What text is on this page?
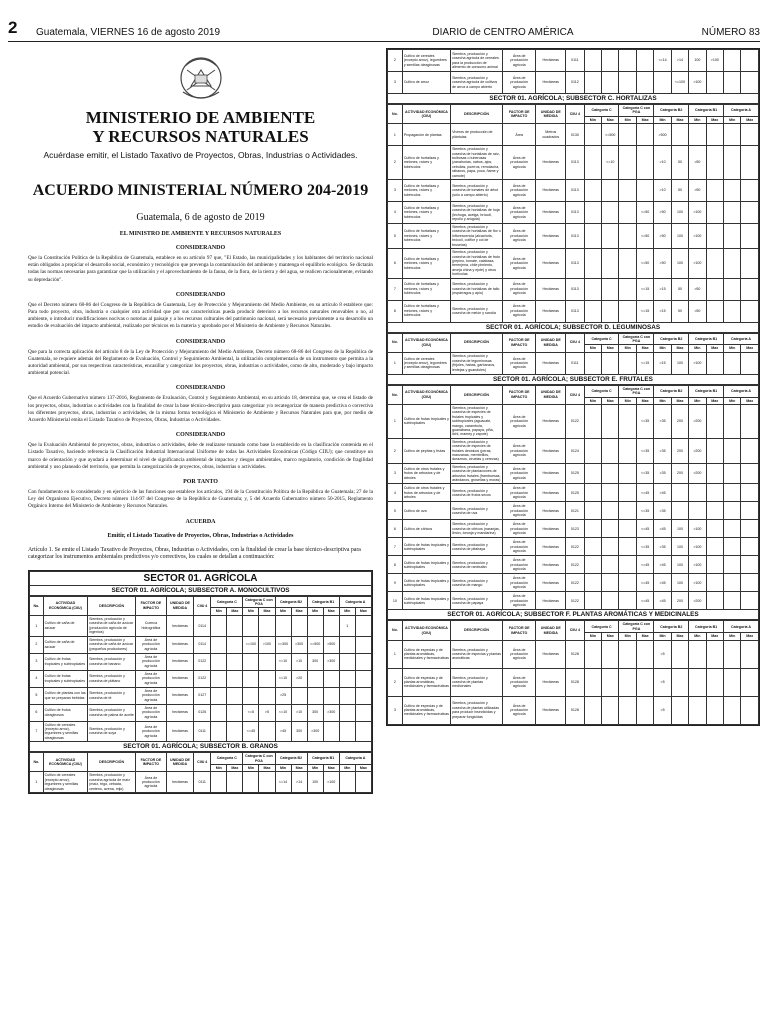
2	Guatemala, VIERNES 16 de agosto 2019	DIARIO de CENTRO AMÉRICA	NÚMERO 83
MINISTERIO DE AMBIENTE
Y RECURSOS NATURALES
Acuérdase emitir, el Listado Taxativo de Proyectos, Obras, Industrias o Actividades.
ACUERDO MINISTERIAL NÚMERO 204-2019
Guatemala, 6 de agosto de 2019
EL MINISTRO DE AMBIENTE Y RECURSOS NATURALES
CONSIDERANDO

Que la Constitución Política de la República de Guatemala, establece en su artículo 97 que, "El Estado, las municipalidades y los habitantes del territorio nacional están obligados a propiciar el desarrollo social, económico y tecnológico que prevenga la contaminación del ambiente y mantenga el equilibrio ecológico. Se dictarán todas las normas necesarias para garantizar que la utilización y el aprovechamiento de la fauna, de la flora, de la tierra y del agua, se realicen racionalmente, evitando su depredación".

CONSIDERANDO

Que el Decreto número 68-86 del Congreso de la República de Guatemala, Ley de Protección y Mejoramiento del Medio Ambiente, en su artículo 8 establece que: Para todo proyecto, obra, industria o cualquier otra actividad que por sus características pueda producir deterioro a los recursos naturales renovables o no, al ambiente, o introducir modificaciones nocivas o notorias al paisaje y a los recursos culturales del patrimonio nacional, será necesario previamente a su desarrollo un estudio de evaluación del impacto ambiental, realizado por técnicos en la materia y aprobado por el Ministerio de Ambiente y Recursos Naturales.

CONSIDERANDO

Que para la correcta aplicación del artículo 8 de la Ley de Protección y Mejoramiento del Medio Ambiente, Decreto número 68-86 del Congreso de la República de Guatemala, se requiere además del Reglamento de Evaluación, Control y Seguimiento Ambiental, la utilización complementaria de un instrumento que permita a la autoridad ambiental, por sus respectivas características, encasillar y categorizar los proyectos, obras, industrias o actividades, como de alto, moderado y bajo impacto ambiental potencial.

CONSIDERANDO

Que el Acuerdo Gubernativo número 137-2016, Reglamento de Evaluación, Control y Seguimiento Ambiental, en su artículo 18, determina que, se crea el listado de los proyectos, obras, industrias o actividades con la finalidad de crear la base técnico-descriptiva para categorizar y/o recategorizar de manera predictiva o correctiva los diferentes proyectos, obras, industrias o actividades, de la misma forma tecnológica el Ministerio de Ambiente y Recursos Naturales para que, por medio de Acuerdo Ministerial emita el Listado Taxativo de Proyectos, Obras, Industrias o Actividades.

CONSIDERANDO

Que la Evaluación Ambiental de proyectos, obras, industrias o actividades, debe de realizarse tomando como base la establecido en la clasificación contenida en el Listado Taxativo, haciendo referencia la Clasificación Industrial Internacional Uniforme de todas las Actividades Económicas (Código CIIU); que constituye un marco de orientación y que ayudará a determinar el nivel de significancia ambiental de impactos y riesgos ambientales, marco regulatorio, condición de fragilidad ambiental y uso planeado del territorio, que permita la categorización de proyectos, obras, industrias o actividades.

POR TANTO

Con fundamento en lo considerado y en ejercicio de las funciones que establece los artículos, 194 de la Constitución Política de la República de Guatemala; 27 de la Ley del Organismo Ejecutivo, Decreto número 114-97 del Congreso de la República de Guatemala; y, 5 del Acuerdo Gubernativo número 50-2015, Reglamento Orgánico Interno del Ministerio de Ambiente y Recursos Naturales.

ACUERDA
Emitir, el Listado Taxativo de Proyectos, Obras, Industrias o Actividades

Artículo 1. Se emite el Listado Taxativo de Proyectos, Obras, Industrias o Actividades, con la finalidad de crear la base técnico-descriptiva para categorizar los instrumentos ambientales predictivos y/o correctivos, los cuales se detallan a continuación:

SECTOR 01. AGRÍCOLA
SECTOR 01. AGRÍCOLA; SUBSECTOR A. MONOCULTIVOS
No.	ACTIVIDAD ECONÓMICA (CIIU)	DESCRIPCIÓN	FACTOR DE IMPACTO	UNIDAD DE MEDIDA	CIIU 4	Categoría C		Categoría C con PGA		Categoría B2		Categoría B1		Categoría A	
						Mín	Max	Mín	Max	Mín	Max	Mín	Max	Mín	Max
1	Cultivo de caña de azúcar	Siembra, producción y cosecha de caña de azúcar (producción agrícola de ingenios)	Cuenca hidrográfica	hectáreas	0114									1	
2	Cultivo de caña de azúcar	Siembra, producción y cosecha de caña de azúcar (pequeños productores)	Área de producción agrícola	hectáreas	0114			<=100	>100	<=300	>300	<=500	>500		
3	Cultivo de frutas tropicales y subtropicales	Siembra, producción y cosecha de banano	Área de producción agrícola	hectáreas	0122					<=10	>10	300	>300		
4	Cultivo de frutas tropicales y subtropicales	Siembra, producción y cosecha de plátano	Área de producción agrícola	hectáreas	0122					<=10	>20				
5	Cultivo de plantas con las que se preparan bebidas	Siembra, producción y cosecha de té	Área de producción agrícola	hectáreas	0127					>25					
6	Cultivo de frutos oleaginosos	Siembra, producción y cosecha de palma de aceite	Área de producción agrícola	hectáreas	0126			<=5	>5	<=10	>10	300	>300		
7	Cultivo de cereales (excepto arroz), legumbres y semillas oleaginosas	Siembra, producción y cosecha de soya	Área de producción agrícola	hectáreas	0111			<=45		>45	300	>300			
SECTOR 01. AGRÍCOLA; SUBSECTOR B. GRANOS
No.	ACTIVIDAD ECONÓMICA (CIIU)	DESCRIPCIÓN	FACTOR DE IMPACTO	UNIDAD DE MEDIDA	CIIU 4	Categoría C		Categoría C con PGA		Categoría B2		Categoría B1		Categoría A	
						Mín	Max	Mín	Max	Mín	Max	Mín	Max	Mín	Max
1	Cultivo de cereales (excepto arroz), legumbres y semillas oleaginosas	Siembra, producción y cosecha agrícola de maíz (maíz, trigo, cebada, centeno, avena, mijo)	Área de producción agrícola	hectáreas	0111					<=14	>14	100	>100		
2	Cultivo de cereales (excepto arroz), legumbres y semillas oleaginosas	Siembra, producción y cosecha agrícola de cereales para la producción de alimento de consumo animal	Área de producción agrícola	Hectáreas	0111					<=14	>14	100	>100		
3	Cultivo de arroz	Siembra, producción y cosecha agrícola de cultivos de arroz a campo abierto	Área de producción agrícola	Hectáreas	0112						<=100	>100			
SECTOR 01. AGRÍCOLA; SUBSECTOR C. HORTALIZAS
No.	ACTIVIDAD ECONÓMICA (CIIU)	DESCRIPCIÓN	FACTOR DE IMPACTO	UNIDAD DE MEDIDA	CIIU 4	Categoría C		Categoría C con PGA		Categoría B2		Categoría B1		Categoría A	
						Mín	Max	Mín	Max	Mín	Max	Mín	Max	Mín	Max
1	Propagación de plantas	Viveros de producción de plántulas	Área	Metros cuadrados	0130		<=500			>500					
2	Cultivo de hortalizas y melones, raíces y tubérculos	Siembra, producción y cosecha de hortalizas de raíz, bulbosas o tuberosas (zanahorias, nabos, ajos, cebollas, puerros, remolacha, rábanos, papa, yuca, ñame y camote)	Área de producción agrícola	Hectáreas	0113		<=10			>10	50	>50			
3	Cultivo de hortalizas y melones, raíces y tubérculos	Siembra, producción y cosecha de tomates de árbol (sólo a campo abierto)	Área de producción agrícola	Hectáreas	0113					>10	50	>50			
4	Cultivo de hortalizas y melones, raíces y tubérculos	Siembra, producción y cosecha de hortalizas de hoja (lechuga, acelga, brócoli, repollo y arúgula)	Área de producción agrícola	Hectáreas	0113				<=50	>50	100	>100			
5	Cultivo de hortalizas y melones, raíces y tubérculos	Siembra, producción y cosecha de hortalizas de flor o inflorescencia (alcachofa, brócoli, coliflor y col de bruselas)	Área de producción agrícola	Hectáreas	0113				<=50	>50	100	>100			
6	Cultivo de hortalizas y melones, raíces y tubérculos	Siembra, producción y cosecha de hortalizas de fruto (pepino, tomate, calabaza, berenjena, chile pimiento, arveja china y ejote) y otros hortícolas	Área de producción agrícola	Hectáreas	0113				<=50	>50	100	>100			
7	Cultivo de hortalizas y melones, raíces y tubérculos	Siembra, producción y cosecha de hortalizas de tallo (espárragos y apio)	Área de producción agrícola	Hectáreas	0113				<=15	>15	50	>50			
8	Cultivo de hortalizas y melones, raíces y tubérculos	Siembra, producción y cosecha de melón y sandía	Área de producción agrícola	Hectáreas	0113				<=15	>15	50	>50			
SECTOR 01. AGRÍCOLA; SUBSECTOR D. LEGUMINOSAS
No.	ACTIVIDAD ECONÓMICA (CIIU)	DESCRIPCIÓN	FACTOR DE IMPACTO	UNIDAD DE MEDIDA	CIIU 4	Categoría C		Categoría C con PGA		Categoría B2		Categoría B1		Categoría A	
						Mín	Max	Mín	Max	Mín	Max	Mín	Max	Mín	Max
1	Cultivo de cereales (excepto arroz), legumbres y semillas oleaginosas	Siembra, producción y cosecha de leguminosas (frijoles, habas, garbanzos, lentejas y guandules)	Área de producción agrícola	Hectáreas	0111				<=15	>15	100	>100			
SECTOR 01. AGRÍCOLA; SUBSECTOR E. FRUTALES
No.	ACTIVIDAD ECONÓMICA (CIIU)	DESCRIPCIÓN	FACTOR DE IMPACTO	UNIDAD DE MEDIDA	CIIU 4	Categoría C		Categoría C con PGA		Categoría B2		Categoría B1		Categoría A	
						Mín	Max	Mín	Max	Mín	Max	Mín	Max	Mín	Max
1	Cultivo de frutas tropicales y subtropicales	Siembra, producción y cosecha de especies de frutales tropicales y subtropicales (aguacate, mango, carambola, guanábana, papaya, piña, lichi, mamey y zapote)	Área de producción agrícola	Hectáreas	0122				<=35	>35	200	>200			
2	Cultivo de pepitas y frutas	Siembra, producción y cosecha de especies de frutales deciduos (peras, manzanas, membrillos, duraznos, ciruelas y cerezas)	Área de producción agrícola	Hectáreas	0124				<=35	>35	200	>200			
3	Cultivo de otros frutales y frutos de arbustos y de árboles	Siembra, producción y cosecha de plantaciones de arbustos frutales (frambuesas, arándanos, grosellas y moras)	Área de producción agrícola	Hectáreas	0125				<=35	>35	200	>200			
4	Cultivo de otros frutales y frutos de arbustos y de árboles	Siembra, producción y cosecha de frutos secos	Área de producción agrícola	Hectáreas	0125				<=45	>45					
5	Cultivo de uva	Siembra, producción y cosecha de uva	Área de producción agrícola	Hectáreas	0121				<=35	>35					
6	Cultivo de cítricos	Siembra, producción y cosecha de cítricos (naranjas, limón, toronja y mandarina)	Área de producción agrícola	Hectáreas	0123				<=45	>45	100	>100			
7	Cultivo de frutas tropicales y subtropicales	Siembra, producción y cosecha de pitahaya	Área de producción agrícola	Hectáreas	0122				<=35	>35	100	>100			
8	Cultivo de frutas tropicales y subtropicales	Siembra, producción y cosecha de rambután	Área de producción agrícola	Hectáreas	0122				<=45	>45	100	>100			
9	Cultivo de frutas tropicales y subtropicales	Siembra, producción y cosecha de mango	Área de producción agrícola	Hectáreas	0122				<=45	>45	100	>100			
10	Cultivo de frutas tropicales y subtropicales	Siembra, producción y cosecha de papaya	Área de producción agrícola	Hectáreas	0122				<=45	>45	200	>200			
SECTOR 01. AGRÍCOLA; SUBSECTOR F. PLANTAS AROMÁTICAS Y MEDICINALES
No.	ACTIVIDAD ECONÓMICA (CIIU)	DESCRIPCIÓN	FACTOR DE IMPACTO	UNIDAD DE MEDIDA	CIIU 4	Categoría C		Categoría C con PGA		Categoría B2		Categoría B1		Categoría A	
						Mín	Max	Mín	Max	Mín	Max	Mín	Max	Mín	Max
1	Cultivo de especias y de plantas aromáticas, medicinales y farmacéuticas	Siembra, producción y cosecha de especias y plantas aromáticas	Área de producción agrícola	Hectáreas	0128					>5					
2	Cultivo de especias y de plantas aromáticas, medicinales y farmacéuticas	Siembra, producción y cosecha de plantas medicinales	Área de producción agrícola	Hectáreas	0128					>5					
3	Cultivo de especias y de plantas aromáticas, medicinales y farmacéuticas	Siembra, producción y cosecha de plantas utilizadas para producir insecticidas y preparar fungicidas	Área de producción agrícola	Hectáreas	0128					>5					
